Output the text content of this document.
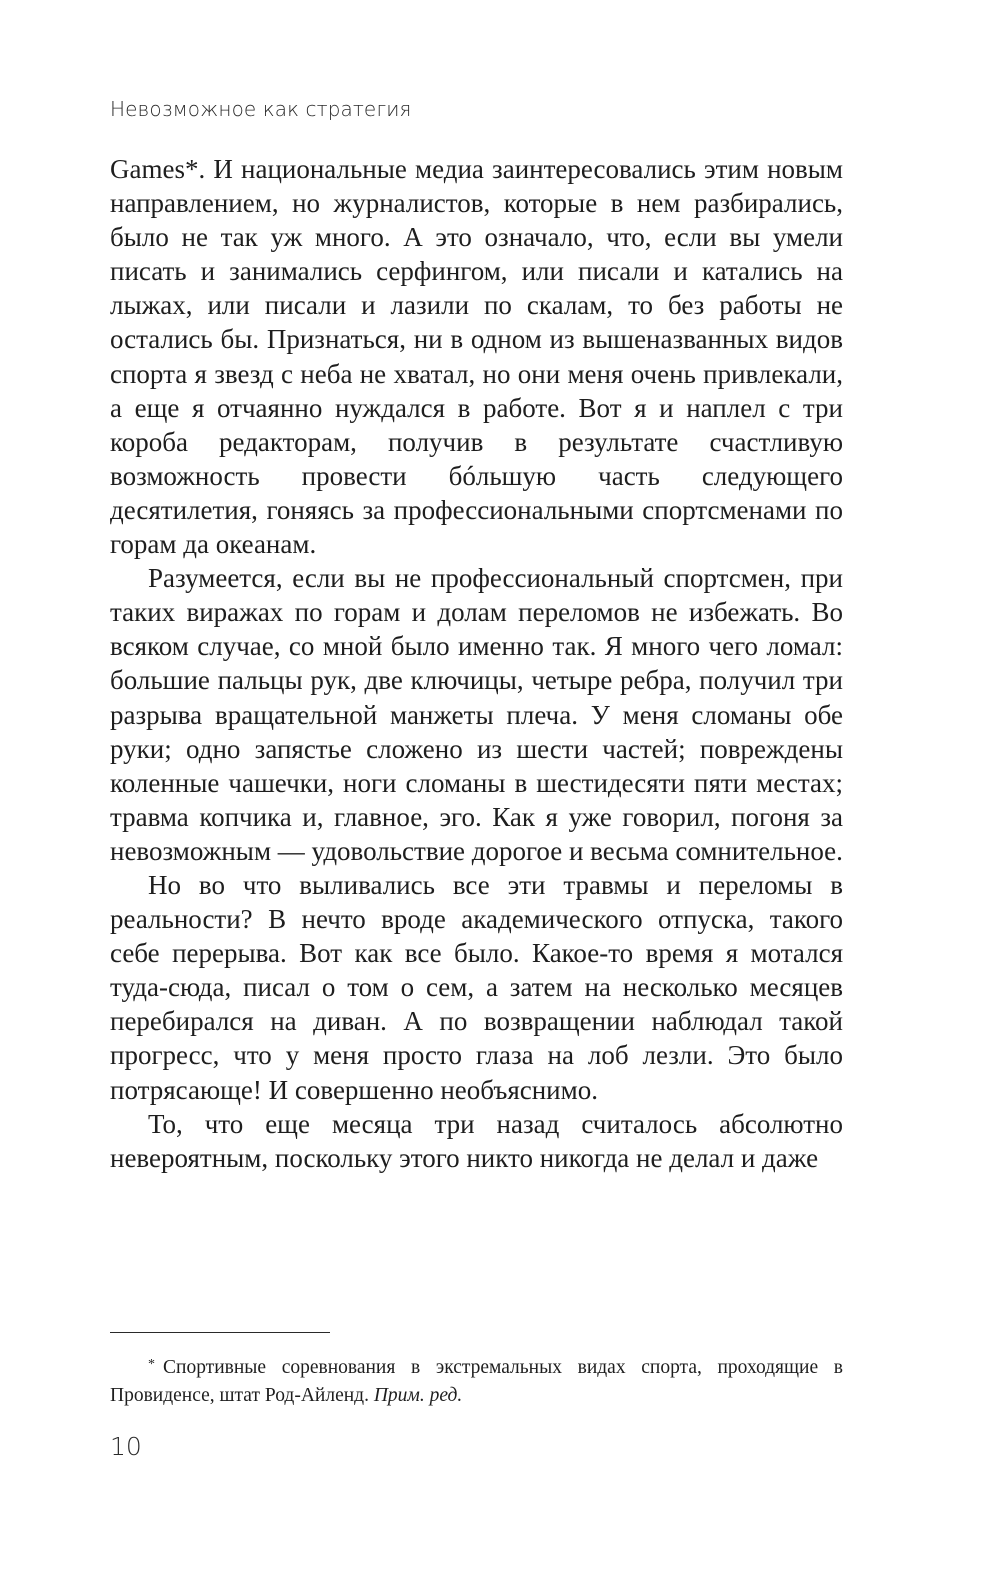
Невозможное как стратегия

Games*. И национальные медиа заинтересовались этим новым направлением, но журналистов, которые в нем разбирались, было не так уж много. А это означало, что, если вы умели писать и занимались серфингом, или писали и катались на лыжах, или писали и лазили по скалам, то без работы не остались бы. Признаться, ни в одном из вышеназванных видов спорта я звезд с неба не хватал, но они меня очень привлекали, а еще я отчаянно нуждался в работе. Вот я и наплел с три короба редакторам, получив в результате счастливую возможность провести бóльшую часть следующего десятилетия, гоняясь за профессиональными спортсменами по горам да океанам.

Разумеется, если вы не профессиональный спортсмен, при таких виражах по горам и долам переломов не избежать. Во всяком случае, со мной было именно так. Я много чего ломал: большие пальцы рук, две ключицы, четыре ребра, получил три разрыва вращательной манжеты плеча. У меня сломаны обе руки; одно запястье сложено из шести частей; повреждены коленные чашечки, ноги сломаны в шестидесяти пяти местах; травма копчика и, главное, эго. Как я уже говорил, погоня за невозможным — удовольствие дорогое и весьма сомнительное.

Но во что выливались все эти травмы и переломы в реальности? В нечто вроде академического отпуска, такого себе перерыва. Вот как все было. Какое-то время я мотался туда-сюда, писал о том о сем, а затем на несколько месяцев перебирался на диван. А по возвращении наблюдал такой прогресс, что у меня просто глаза на лоб лезли. Это было потрясающе! И совершенно необъяснимо.

То, что еще месяца три назад считалось абсолютно невероятным, поскольку этого никто никогда не делал и даже

* Спортивные соревнования в экстремальных видах спорта, проходящие в Провиденсе, штат Род-Айленд. Прим. ред.

10
